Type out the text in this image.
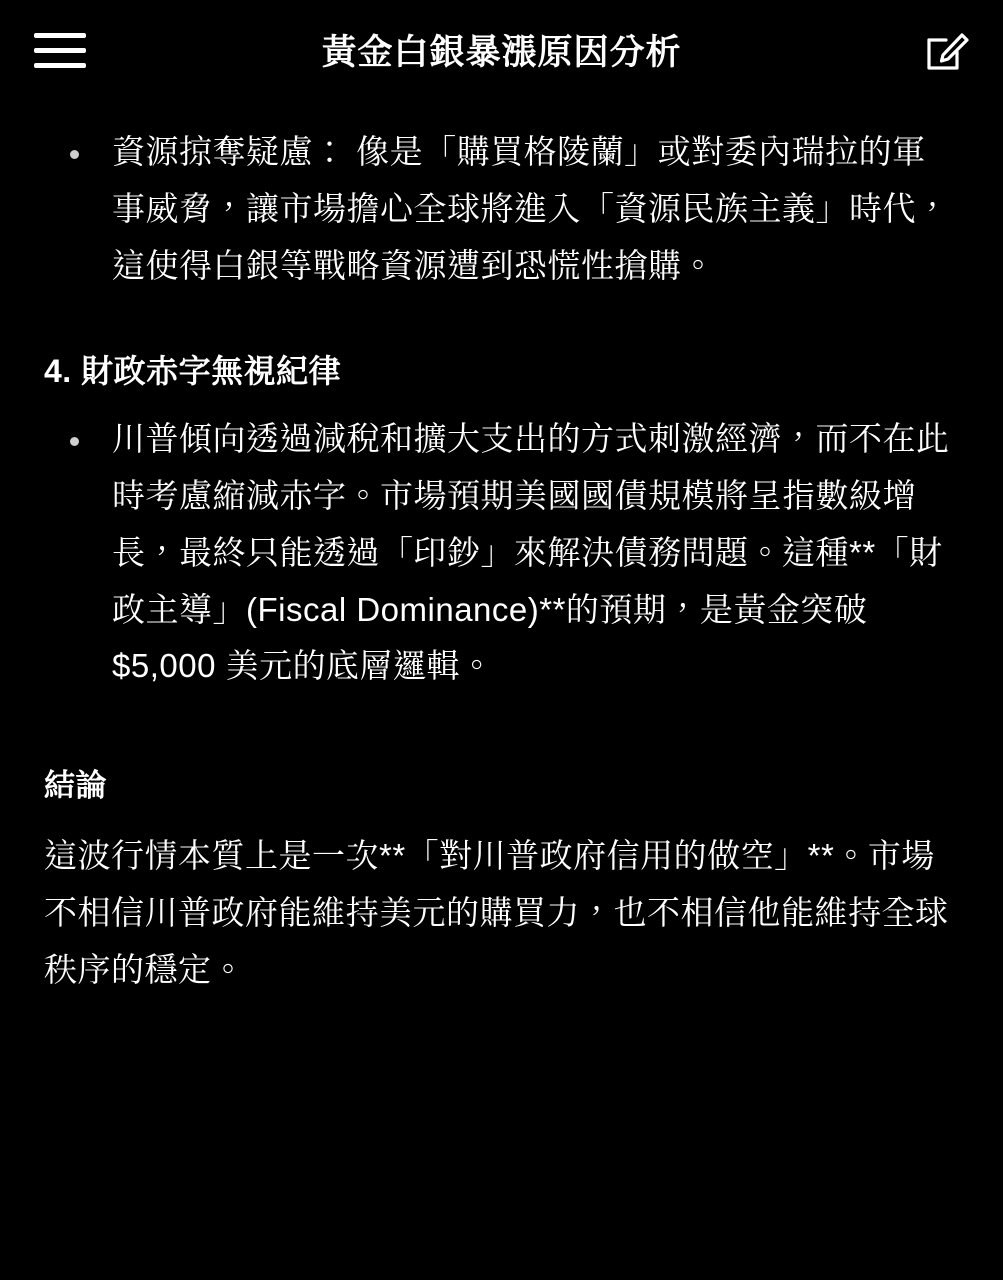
黃金白銀暴漲原因分析
資源掠奪疑慮： 像是「購買格陵蘭」或對委內瑞拉的軍事威脅，讓市場擔心全球將進入「資源民族主義」時代，這使得白銀等戰略資源遭到恐慌性搶購。
4. 財政赤字無視紀律
川普傾向透過減稅和擴大支出的方式刺激經濟，而不在此時考慮縮減赤字。市場預期美國國債規模將呈指數級增長，最終只能透過「印鈔」來解決債務問題。這種**「財政主導」(Fiscal Dominance)**的預期，是黃金突破 $5,000 美元的底層邏輯。
結論

這波行情本質上是一次**「對川普政府信用的做空」**。市場不相信川普政府能維持美元的購買力，也不相信他能維持全球秩序的穩定。
